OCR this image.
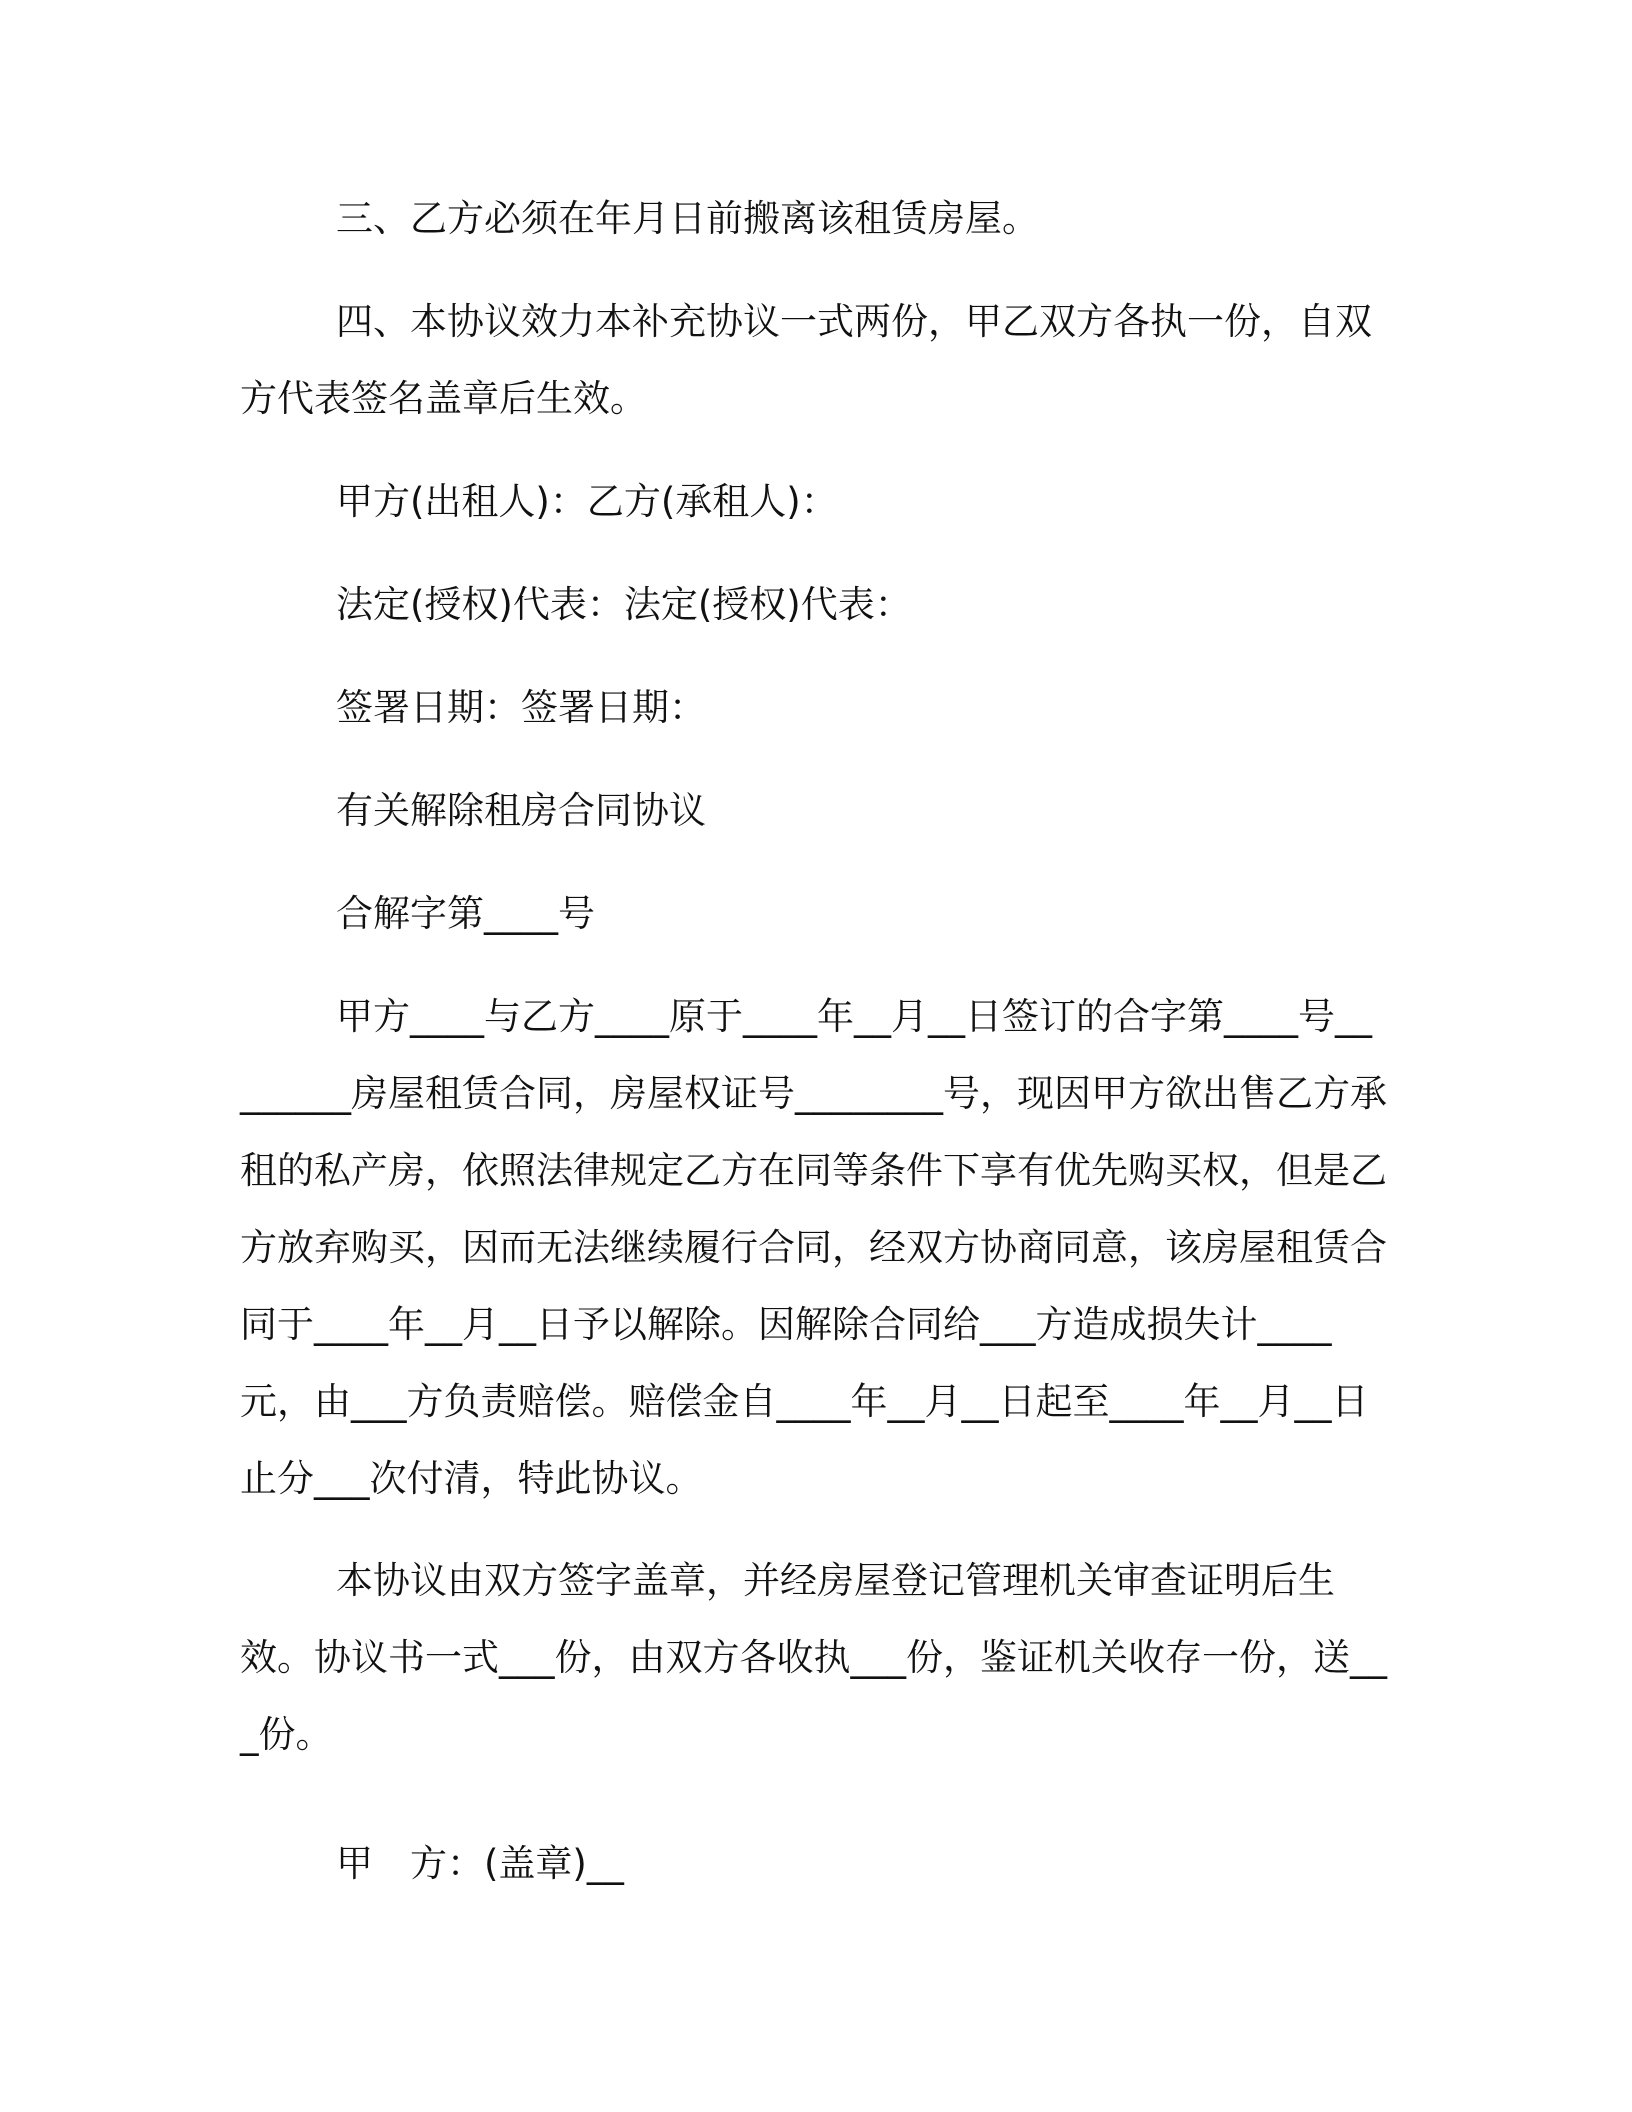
三、乙方必须在年月日前搬离该租赁房屋。

四、本协议效力本补充协议一式两份，甲乙双方各执一份，自双方代表签名盖章后生效。

甲方(出租人)：乙方(承租人)：

法定(授权)代表：法定(授权)代表：

签署日期：签署日期：

有关解除租房合同协议

合解字第____号

甲方____与乙方____原于____年__月__日签订的合字第____号________房屋租赁合同，房屋权证号________号，现因甲方欲出售乙方承租的私产房，依照法律规定乙方在同等条件下享有优先购买权，但是乙方放弃购买，因而无法继续履行合同，经双方协商同意，该房屋租赁合同于____年__月__日予以解除。因解除合同给___方造成损失计____元，由___方负责赔偿。赔偿金自____年__月__日起至____年__月__日止分___次付清，特此协议。

本协议由双方签字盖章，并经房屋登记管理机关审查证明后生效。协议书一式___份，由双方各收执___份，鉴证机关收存一份，送___份。

甲　方：(盖章)__
